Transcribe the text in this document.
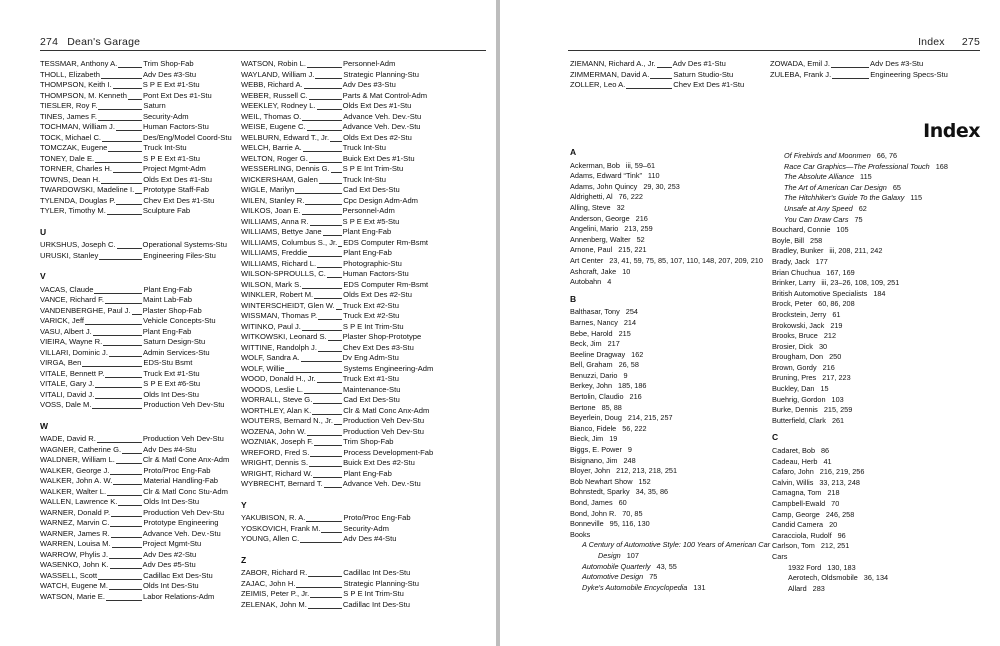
274 Dean's Garage
TESSMAR, Anthony A.	Trim Shop-Fab
THOLL, Elizabeth	Adv Des #3-Stu
THOMPSON, Keith I.	S P E Ext #1-Stu
THOMPSON, M. Kenneth Pont Ext Des #1-Stu
TIESLER, Roy F.	Saturn
TINES, James F.	Security-Adm
TOCHMAN, William J.	Human Factors-Stu
TOCK, Michael C.	Des/Eng/Model Coord-Stu
TOMCZAK, Eugene	Truck Int-Stu
TONEY, Dale E.	S P E Ext #1-Stu
TORNER, Charles H.	Project Mgmt-Adm
TOWNS, Dean H.	Olds Ext Des #1-Stu
TWARDOWSKI, Madeline I. Prototype Staff-Fab
TYLENDA, Douglas P.	Chev Ext Des #1-Stu
TYLER, Timothy M.	Sculpture Fab
U
URKSHUS, Joseph C.	Operational Systems-Stu
URUSKI, Stanley	Engineering Files-Stu
V
VACAS, Claude	Plant Eng-Fab
VANCE, Richard F.	Maint Lab-Fab
VANDENBERGHE, Paul J. Plaster Shop-Fab
VARICK, Jeff	Vehicle Concepts-Stu
VASU, Albert J.	Plant Eng-Fab
VIEIRA, Wayne R.	Saturn Design-Stu
VILLARI, Dominic J.	Admin Services-Stu
VIRGA, Ben	EDS-Stu Bsmt
VITALE, Bennett P.	Truck Ext #1-Stu
VITALE, Gary J.	S P E Ext #6-Stu
VITALI, David J.	Olds Int Des-Stu
VOSS, Dale M.	Production Veh Dev-Stu
W
WADE, David R.	Production Veh Dev-Stu
WAGNER, Catherine G.	Adv Des #4-Stu
WALDNER, William L.	Clr & Matl Cone Anx-Adm
WALKER, George J.	Proto/Proc Eng-Fab
WALKER, John A. W.	Material Handling-Fab
WALKER, Walter L.	Clr & Matl Conc Stu-Adm
WALLEN, Lawrence K.	Olds Int Des-Stu
WARNER, Donald P.	Production Veh Dev-Stu
WARNEZ, Marvin C.	Prototype Engineering
WARNER, James R.	Advance Veh. Dev.-Stu
WARREN, Louisa M.	Project Mgmt-Stu
WARROW, Phylis J.	Adv Des #2-Stu
WASENKO, John K.	Adv Des #5-Stu
WASSELL, Scott	Cadillac Ext Des-Stu
WATCH, Eugene M.	Olds Int Des-Stu
WATSON, Marie E.	Labor Relations-Adm
WATSON, Robin L.	Personnel-Adm
WAYLAND, William J.	Strategic Planning-Stu
WEBB, Richard A.	Adv Des #3-Stu
WEBER, Russell C.	Parts & Mat Control-Adm
WEEKLEY, Rodney L.	Olds Ext Des #1-Stu
WEIL, Thomas O.	Advance Veh. Dev.-Stu
WEISE, Eugene C.	Advance Veh. Dev.-Stu
WELBURN, Edward T., Jr. Olds Ext Des #2-Stu
WELCH, Barrie A.	Truck Int-Stu
WELTON, Roger G.	Buick Ext Des #1-Stu
WESSERLING, Dennis G. S P E Int Trim-Stu
WICKERSHAM, Galen	Truck Int-Stu
WIGLE, Marilyn	Cad Ext Des-Stu
WILEN, Stanley R.	Cpc Design Adm-Adm
WILKOS, Joan E.	Personnel-Adm
WILLIAMS, Anna R.	S P E Ext #5-Stu
WILLIAMS, Bettye Jane	Plant Eng-Fab
WILLIAMS, Columbus S., Jr. EDS Computer Rm-Bsmt
WILLIAMS, Freddie	Plant Eng-Fab
WILLIAMS, Richard L.	Photographic-Stu
WILSON-SPROULLS, C. Human Factors-Stu
WILSON, Mark S.	EDS Computer Rm-Bsmt
WINKLER, Robert M.	Olds Ext Des #2-Stu
WINTERSCHEIDT, Glen W. Truck Ext #2-Stu
WISSMAN, Thomas P.	Truck Ext #2-Stu
WITINKO, Paul J.	S P E Int Trim-Stu
WITKOWSKI, Leonard S. Plaster Shop-Prototype
WITTINE, Randolph J.	Chev Ext Des #3-Stu
WOLF, Sandra A.	Dv Eng Adm-Stu
WOLF, Willie	Systems Engineering-Adm
WOOD, Donald H., Jr.	Truck Ext #1-Stu
WOODS, Leslie L.	Maintenance-Stu
WORRALL, Steve G.	Cad Ext Des-Stu
WORTHLEY, Alan K.	Clr & Matl Conc Anx-Adm
WOUTERS, Bernard N., Jr. Production Veh Dev-Stu
WOZENA, John W.	Production Veh Dev-Stu
WOZNIAK, Joseph F.	Trim Shop-Fab
WREFORD, Fred S.	Process Development-Fab
WRIGHT, Dennis S.	Buick Ext Des #2-Stu
WRIGHT, Richard W.	Plant Eng-Fab
WYBRECHT, Bernard T.	Advance Veh. Dev.-Stu
Y
YAKUBISON, R. A.	Proto/Proc Eng-Fab
YOSKOVICH, Frank M.	Security-Adm
YOUNG, Allen C.	Adv Des #4-Stu
Z
ZABOR, Richard R.	Cadillac Int Des-Stu
ZAJAC, John H.	Strategic Planning-Stu
ZEIMIS, Peter P., Jr.	S P E Int Trim-Stu
ZELENAK, John M.	Cadillac Int Des-Stu
Index 275
ZIEMANN, Richard A., Jr. Adv Des #1-Stu
ZIMMERMAN, David A.	Saturn Studio-Stu
ZOLLER, Leo A.	Chev Ext Des #1-Stu
ZOWADA, Emil J.	Adv Des #3-Stu
ZULEBA, Frank J.	Engineering Specs-Stu
Index
A
Ackerman, Bob iii, 59–61
Adams, Edward “Tink” 110
Adams, John Quincy 29, 30, 253
Aldrighetti, Al 76, 222
Alling, Steve 32
Anderson, George 216
Angelini, Mario 213, 259
Annenberg, Walter 52
Arnone, Paul 215, 221
Art Center 23, 41, 59, 75, 85, 107, 110, 148, 207, 209, 210
Ashcraft, Jake 10
Autobahn 4
B
Balthasar, Tony 254
Barnes, Nancy 214
Bebe, Harold 215
Beck, Jim 217
Beeline Dragway 162
Bell, Graham 26, 58
Benuzzi, Dario 9
Berkey, John 185, 186
Bertolin, Claudio 216
Bertone 85, 88
Beyerlein, Doug 214, 215, 257
Bianco, Fidele 56, 222
Bieck, Jim 19
Biggs, E. Power 9
Bisignano, Jim 248
Bloyer, John 212, 213, 218, 251
Bob Newhart Show 152
Bohnstedt, Sparky 34, 35, 86
Bond, James 60
Bond, John R. 70, 85
Bonneville 95, 116, 130
Books
A Century of Automotive Style: 100 Years of American Car
Design 107
Automobile Quarterly 43, 55
Automotive Design 75
Dyke's Automobile Encyclopedia 131
Of Firebirds and Moonmen 66, 76
Race Car Graphics—The Professional Touch 168
The Absolute Alliance 115
The Art of American Car Design 65
The Hitchhiker's Guide To the Galaxy 115
Unsafe at Any Speed 62
You Can Draw Cars 75
Bouchard, Connie 105
Boyle, Bill 258
Bradley, Bunker iii, 208, 211, 242
Brady, Jack 177
Brian Chuchua 167, 169
Brinker, Larry iii, 23–26, 108, 109, 251
British Automotive Specialists 184
Brock, Peter 60, 86, 208
Brockstein, Jerry 61
Brokowski, Jack 219
Brooks, Bruce 212
Brosier, Dick 30
Brougham, Don 250
Brown, Gordy 216
Bruning, Pres 217, 223
Buckley, Dan 15
Buehrig, Gordon 103
Burke, Dennis 215, 259
Butterfield, Clark 261
C
Cadaret, Bob 86
Cadeau, Herb 41
Cafaro, John 216, 219, 256
Calvin, Willis 33, 213, 248
Camagna, Tom 218
Campbell-Ewald 70
Camp, George 246, 258
Candid Camera 20
Caracciola, Rudolf 96
Carlson, Tom 212, 251
Cars
1932 Ford 130, 183
Aerotech, Oldsmobile 36, 134
Allard 283
